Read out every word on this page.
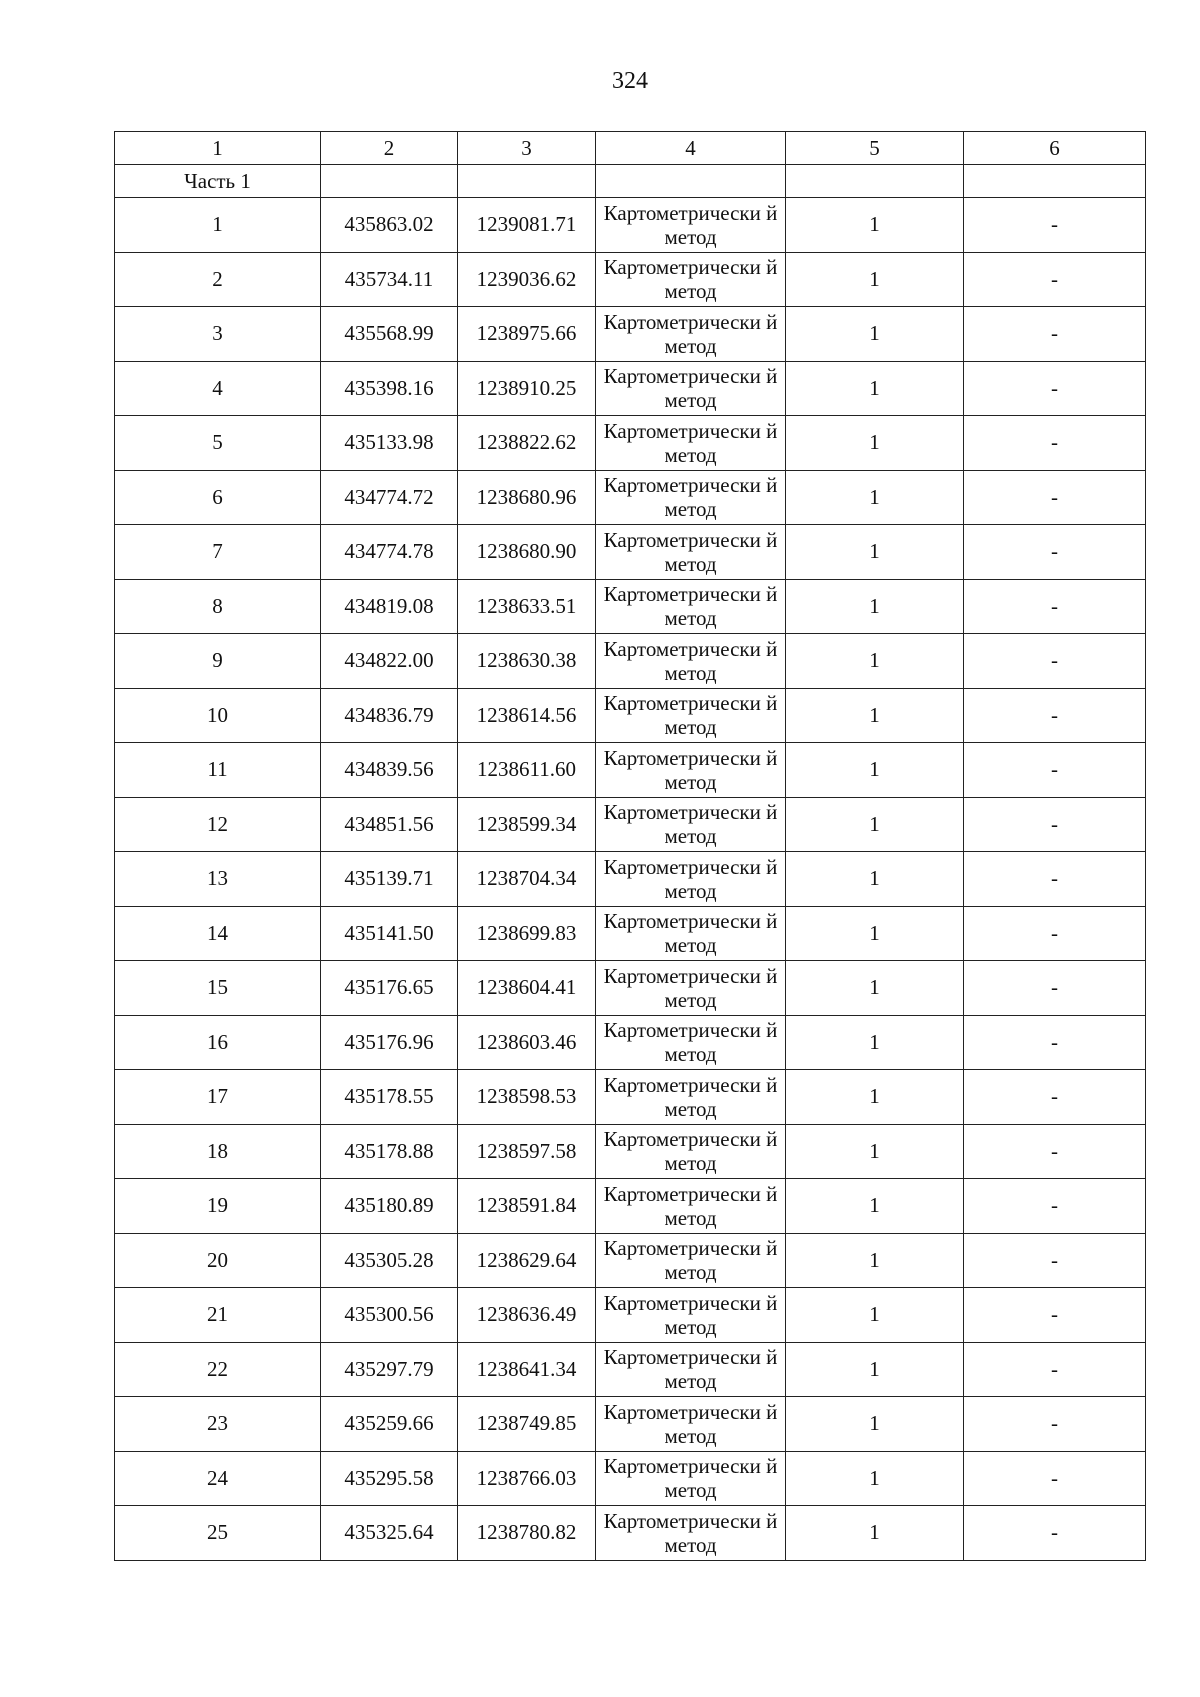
324
1	2	3	4	5	6
Часть 1					
1	435863.02	1239081.71	Картометрически й метод	1	-
2	435734.11	1239036.62	Картометрически й метод	1	-
3	435568.99	1238975.66	Картометрически й метод	1	-
4	435398.16	1238910.25	Картометрически й метод	1	-
5	435133.98	1238822.62	Картометрически й метод	1	-
6	434774.72	1238680.96	Картометрически й метод	1	-
7	434774.78	1238680.90	Картометрически й метод	1	-
8	434819.08	1238633.51	Картометрически й метод	1	-
9	434822.00	1238630.38	Картометрически й метод	1	-
10	434836.79	1238614.56	Картометрически й метод	1	-
11	434839.56	1238611.60	Картометрически й метод	1	-
12	434851.56	1238599.34	Картометрически й метод	1	-
13	435139.71	1238704.34	Картометрически й метод	1	-
14	435141.50	1238699.83	Картометрически й метод	1	-
15	435176.65	1238604.41	Картометрически й метод	1	-
16	435176.96	1238603.46	Картометрически й метод	1	-
17	435178.55	1238598.53	Картометрически й метод	1	-
18	435178.88	1238597.58	Картометрически й метод	1	-
19	435180.89	1238591.84	Картометрически й метод	1	-
20	435305.28	1238629.64	Картометрически й метод	1	-
21	435300.56	1238636.49	Картометрически й метод	1	-
22	435297.79	1238641.34	Картометрически й метод	1	-
23	435259.66	1238749.85	Картометрически й метод	1	-
24	435295.58	1238766.03	Картометрически й метод	1	-
25	435325.64	1238780.82	Картометрически й метод	1	-
